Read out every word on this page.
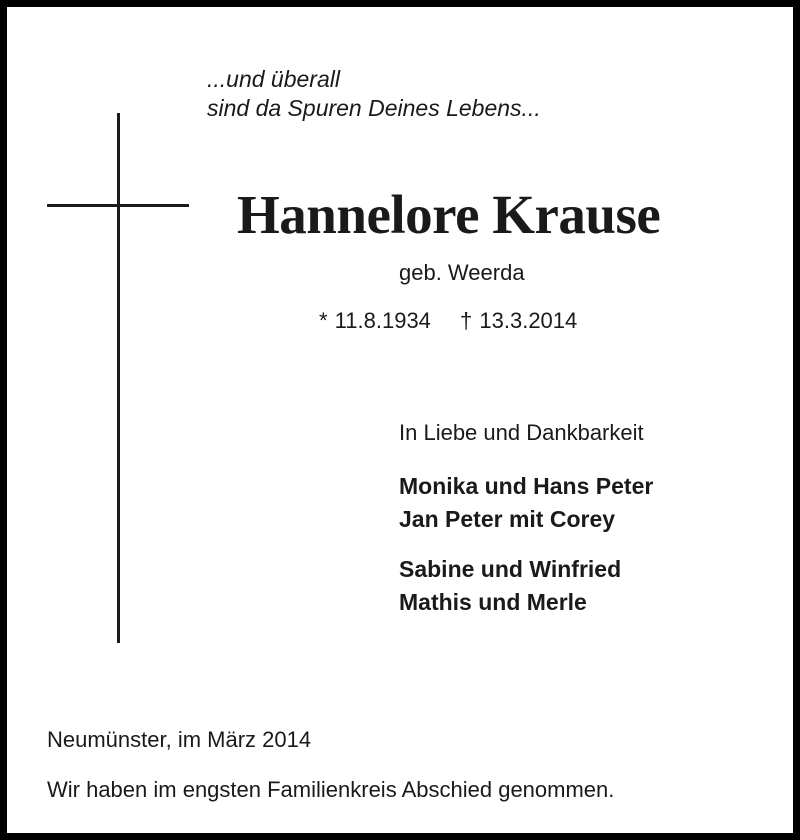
...und überall
sind da Spuren Deines Lebens...
Hannelore Krause
geb. Weerda
* 11.8.1934 † 13.3.2014
In Liebe und Dankbarkeit
Monika und Hans Peter
Jan Peter mit Corey
Sabine und Winfried
Mathis und Merle
Neumünster, im März 2014
Wir haben im engsten Familienkreis Abschied genommen.
